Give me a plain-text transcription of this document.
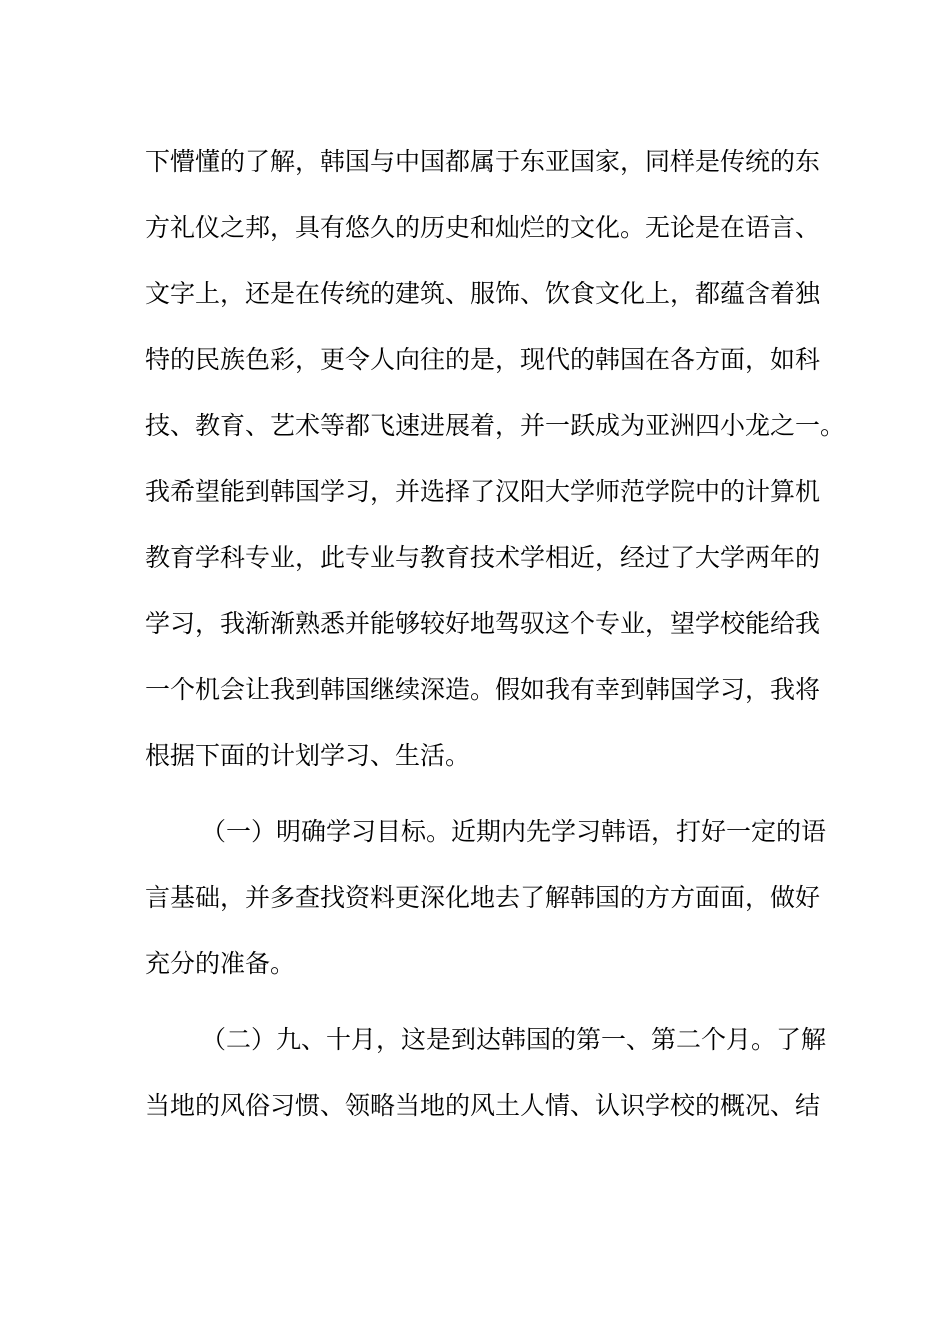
下懵懂的了解，韩国与中国都属于东亚国家，同样是传统的东

方礼仪之邦，具有悠久的历史和灿烂的文化。无论是在语言、

文字上，还是在传统的建筑、服饰、饮食文化上，都蕴含着独

特的民族色彩，更令人向往的是，现代的韩国在各方面，如科

技、教育、艺术等都飞速进展着，并一跃成为亚洲四小龙之一。

我希望能到韩国学习，并选择了汉阳大学师范学院中的计算机

教育学科专业，此专业与教育技术学相近，经过了大学两年的

学习，我渐渐熟悉并能够较好地驾驭这个专业，望学校能给我

一个机会让我到韩国继续深造。假如我有幸到韩国学习，我将

根据下面的计划学习、生活。

（一）明确学习目标。近期内先学习韩语，打好一定的语

言基础，并多查找资料更深化地去了解韩国的方方面面，做好

充分的准备。

（二）九、十月，这是到达韩国的第一、第二个月。了解

当地的风俗习惯、领略当地的风土人情、认识学校的概况、结
